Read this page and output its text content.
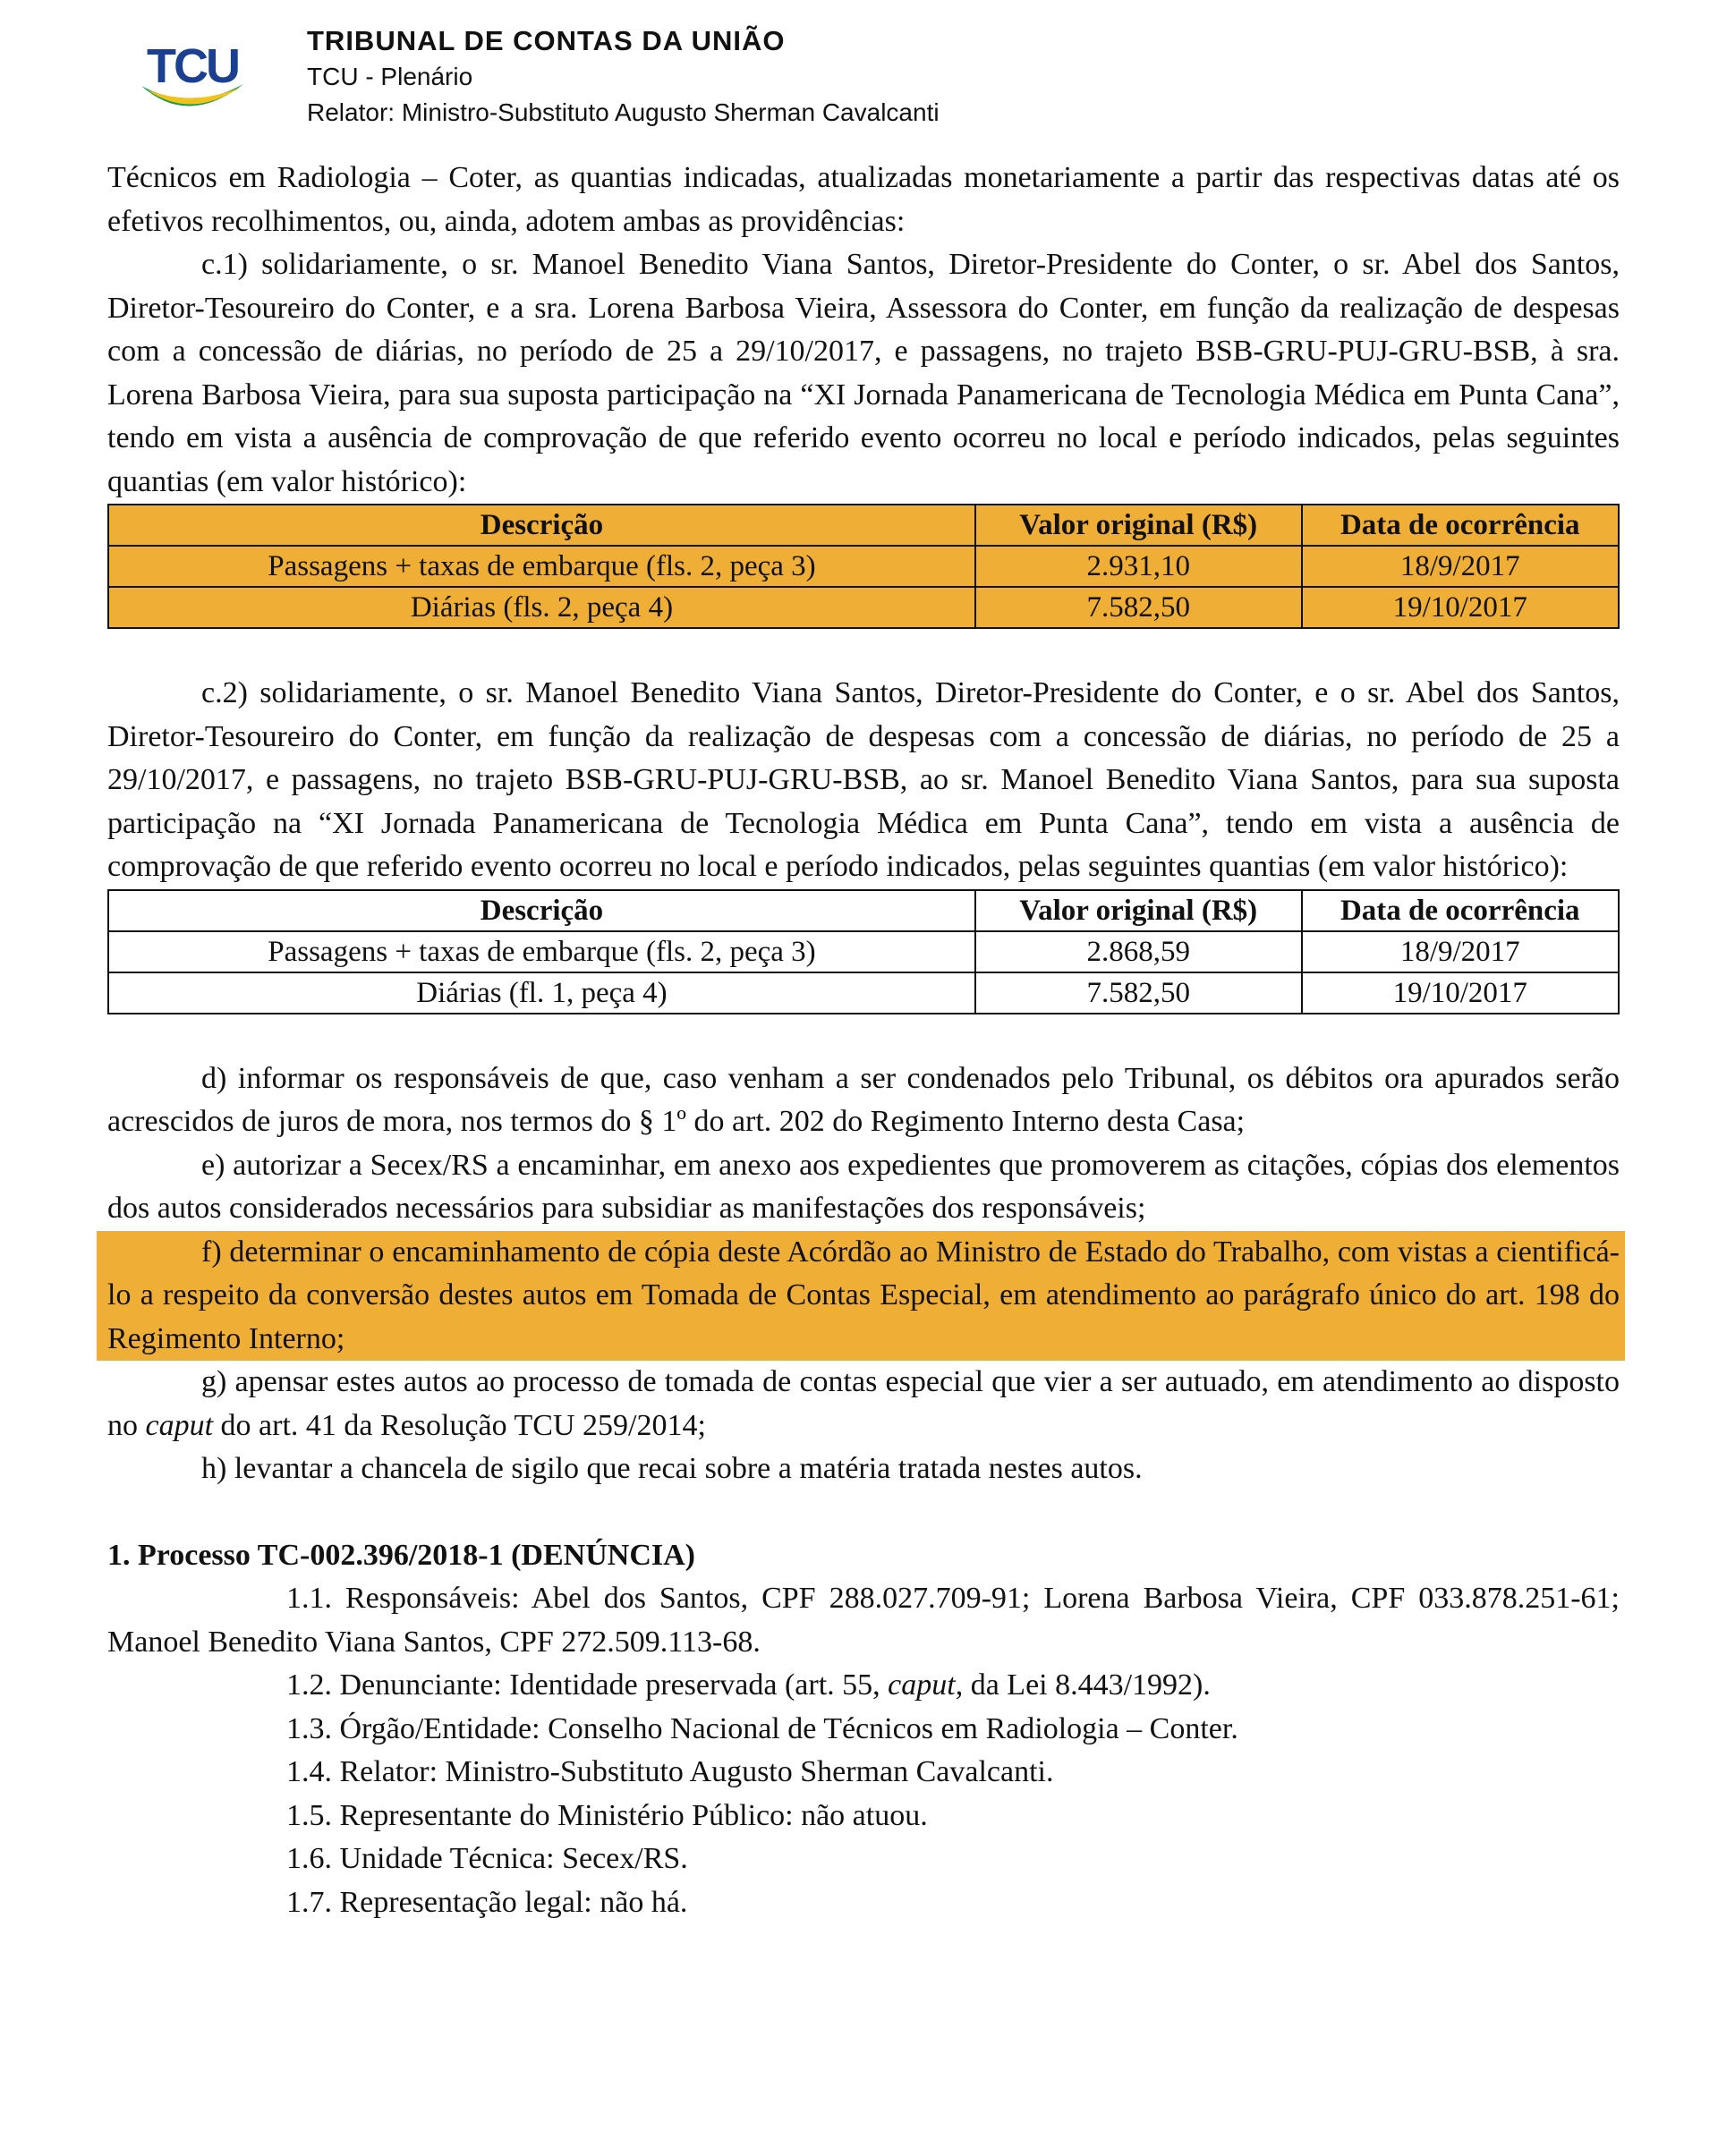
TCU TRIBUNAL DE CONTAS DA UNIÃO
TCU - Plenário
Relator: Ministro-Substituto Augusto Sherman Cavalcanti

Técnicos em Radiologia – Coter, as quantias indicadas, atualizadas monetariamente a partir das respectivas datas até os efetivos recolhimentos, ou, ainda, adotem ambas as providências:

c.1) solidariamente, o sr. Manoel Benedito Viana Santos, Diretor-Presidente do Conter, o sr. Abel dos Santos, Diretor-Tesoureiro do Conter, e a sra. Lorena Barbosa Vieira, Assessora do Conter, em função da realização de despesas com a concessão de diárias, no período de 25 a 29/10/2017, e passagens, no trajeto BSB-GRU-PUJ-GRU-BSB, à sra. Lorena Barbosa Vieira, para sua suposta participação na “XI Jornada Panamericana de Tecnologia Médica em Punta Cana”, tendo em vista a ausência de comprovação de que referido evento ocorreu no local e período indicados, pelas seguintes quantias (em valor histórico):

Descrição	Valor original (R$)	Data de ocorrência
Passagens + taxas de embarque (fls. 2, peça 3)	2.931,10	18/9/2017
Diárias (fls. 2, peça 4)	7.582,50	19/10/2017

c.2) solidariamente, o sr. Manoel Benedito Viana Santos, Diretor-Presidente do Conter, e o sr. Abel dos Santos, Diretor-Tesoureiro do Conter, em função da realização de despesas com a concessão de diárias, no período de 25 a 29/10/2017, e passagens, no trajeto BSB-GRU-PUJ-GRU-BSB, ao sr. Manoel Benedito Viana Santos, para sua suposta participação na “XI Jornada Panamericana de Tecnologia Médica em Punta Cana”, tendo em vista a ausência de comprovação de que referido evento ocorreu no local e período indicados, pelas seguintes quantias (em valor histórico):

Descrição	Valor original (R$)	Data de ocorrência
Passagens + taxas de embarque (fls. 2, peça 3)	2.868,59	18/9/2017
Diárias (fl. 1, peça 4)	7.582,50	19/10/2017

d) informar os responsáveis de que, caso venham a ser condenados pelo Tribunal, os débitos ora apurados serão acrescidos de juros de mora, nos termos do § 1º do art. 202 do Regimento Interno desta Casa;

e) autorizar a Secex/RS a encaminhar, em anexo aos expedientes que promoverem as citações, cópias dos elementos dos autos considerados necessários para subsidiar as manifestações dos responsáveis;

f) determinar o encaminhamento de cópia deste Acórdão ao Ministro de Estado do Trabalho, com vistas a cientificá-lo a respeito da conversão destes autos em Tomada de Contas Especial, em atendimento ao parágrafo único do art. 198 do Regimento Interno;

g) apensar estes autos ao processo de tomada de contas especial que vier a ser autuado, em atendimento ao disposto no caput do art. 41 da Resolução TCU 259/2014;

h) levantar a chancela de sigilo que recai sobre a matéria tratada nestes autos.

1. Processo TC-002.396/2018-1 (DENÚNCIA)

1.1. Responsáveis: Abel dos Santos, CPF 288.027.709-91; Lorena Barbosa Vieira, CPF 033.878.251-61; Manoel Benedito Viana Santos, CPF 272.509.113-68.

1.2. Denunciante: Identidade preservada (art. 55, caput, da Lei 8.443/1992).

1.3. Órgão/Entidade: Conselho Nacional de Técnicos em Radiologia – Conter.

1.4. Relator: Ministro-Substituto Augusto Sherman Cavalcanti.

1.5. Representante do Ministério Público: não atuou.

1.6. Unidade Técnica: Secex/RS.

1.7. Representação legal: não há.
